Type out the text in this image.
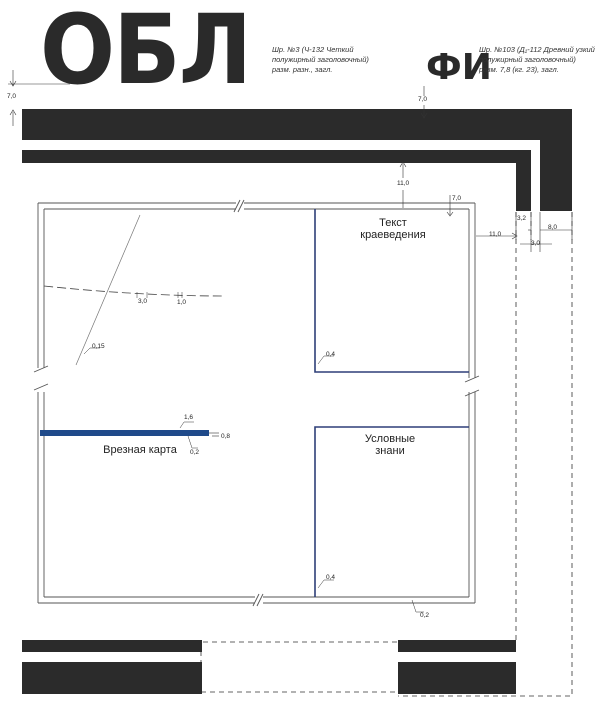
ОБЛ	Шр. №3 (Ч-132 Четкий
полужирный заголовочный)
разм. разн., загл.	ФИ
Шр. №103 (Д₁-112 Древний узкий
полужирный заголовочный)
разм. 7,8 (кг. 23), загл.
Текст
краеведения
Условные
знани
Врезная карта
7,0	7,0
11,0
7,0
3,2
8,0
11,0
3,0
3,0	1,0
0,15
0,4
1,6
0,8
0,2
0,4
0,2
